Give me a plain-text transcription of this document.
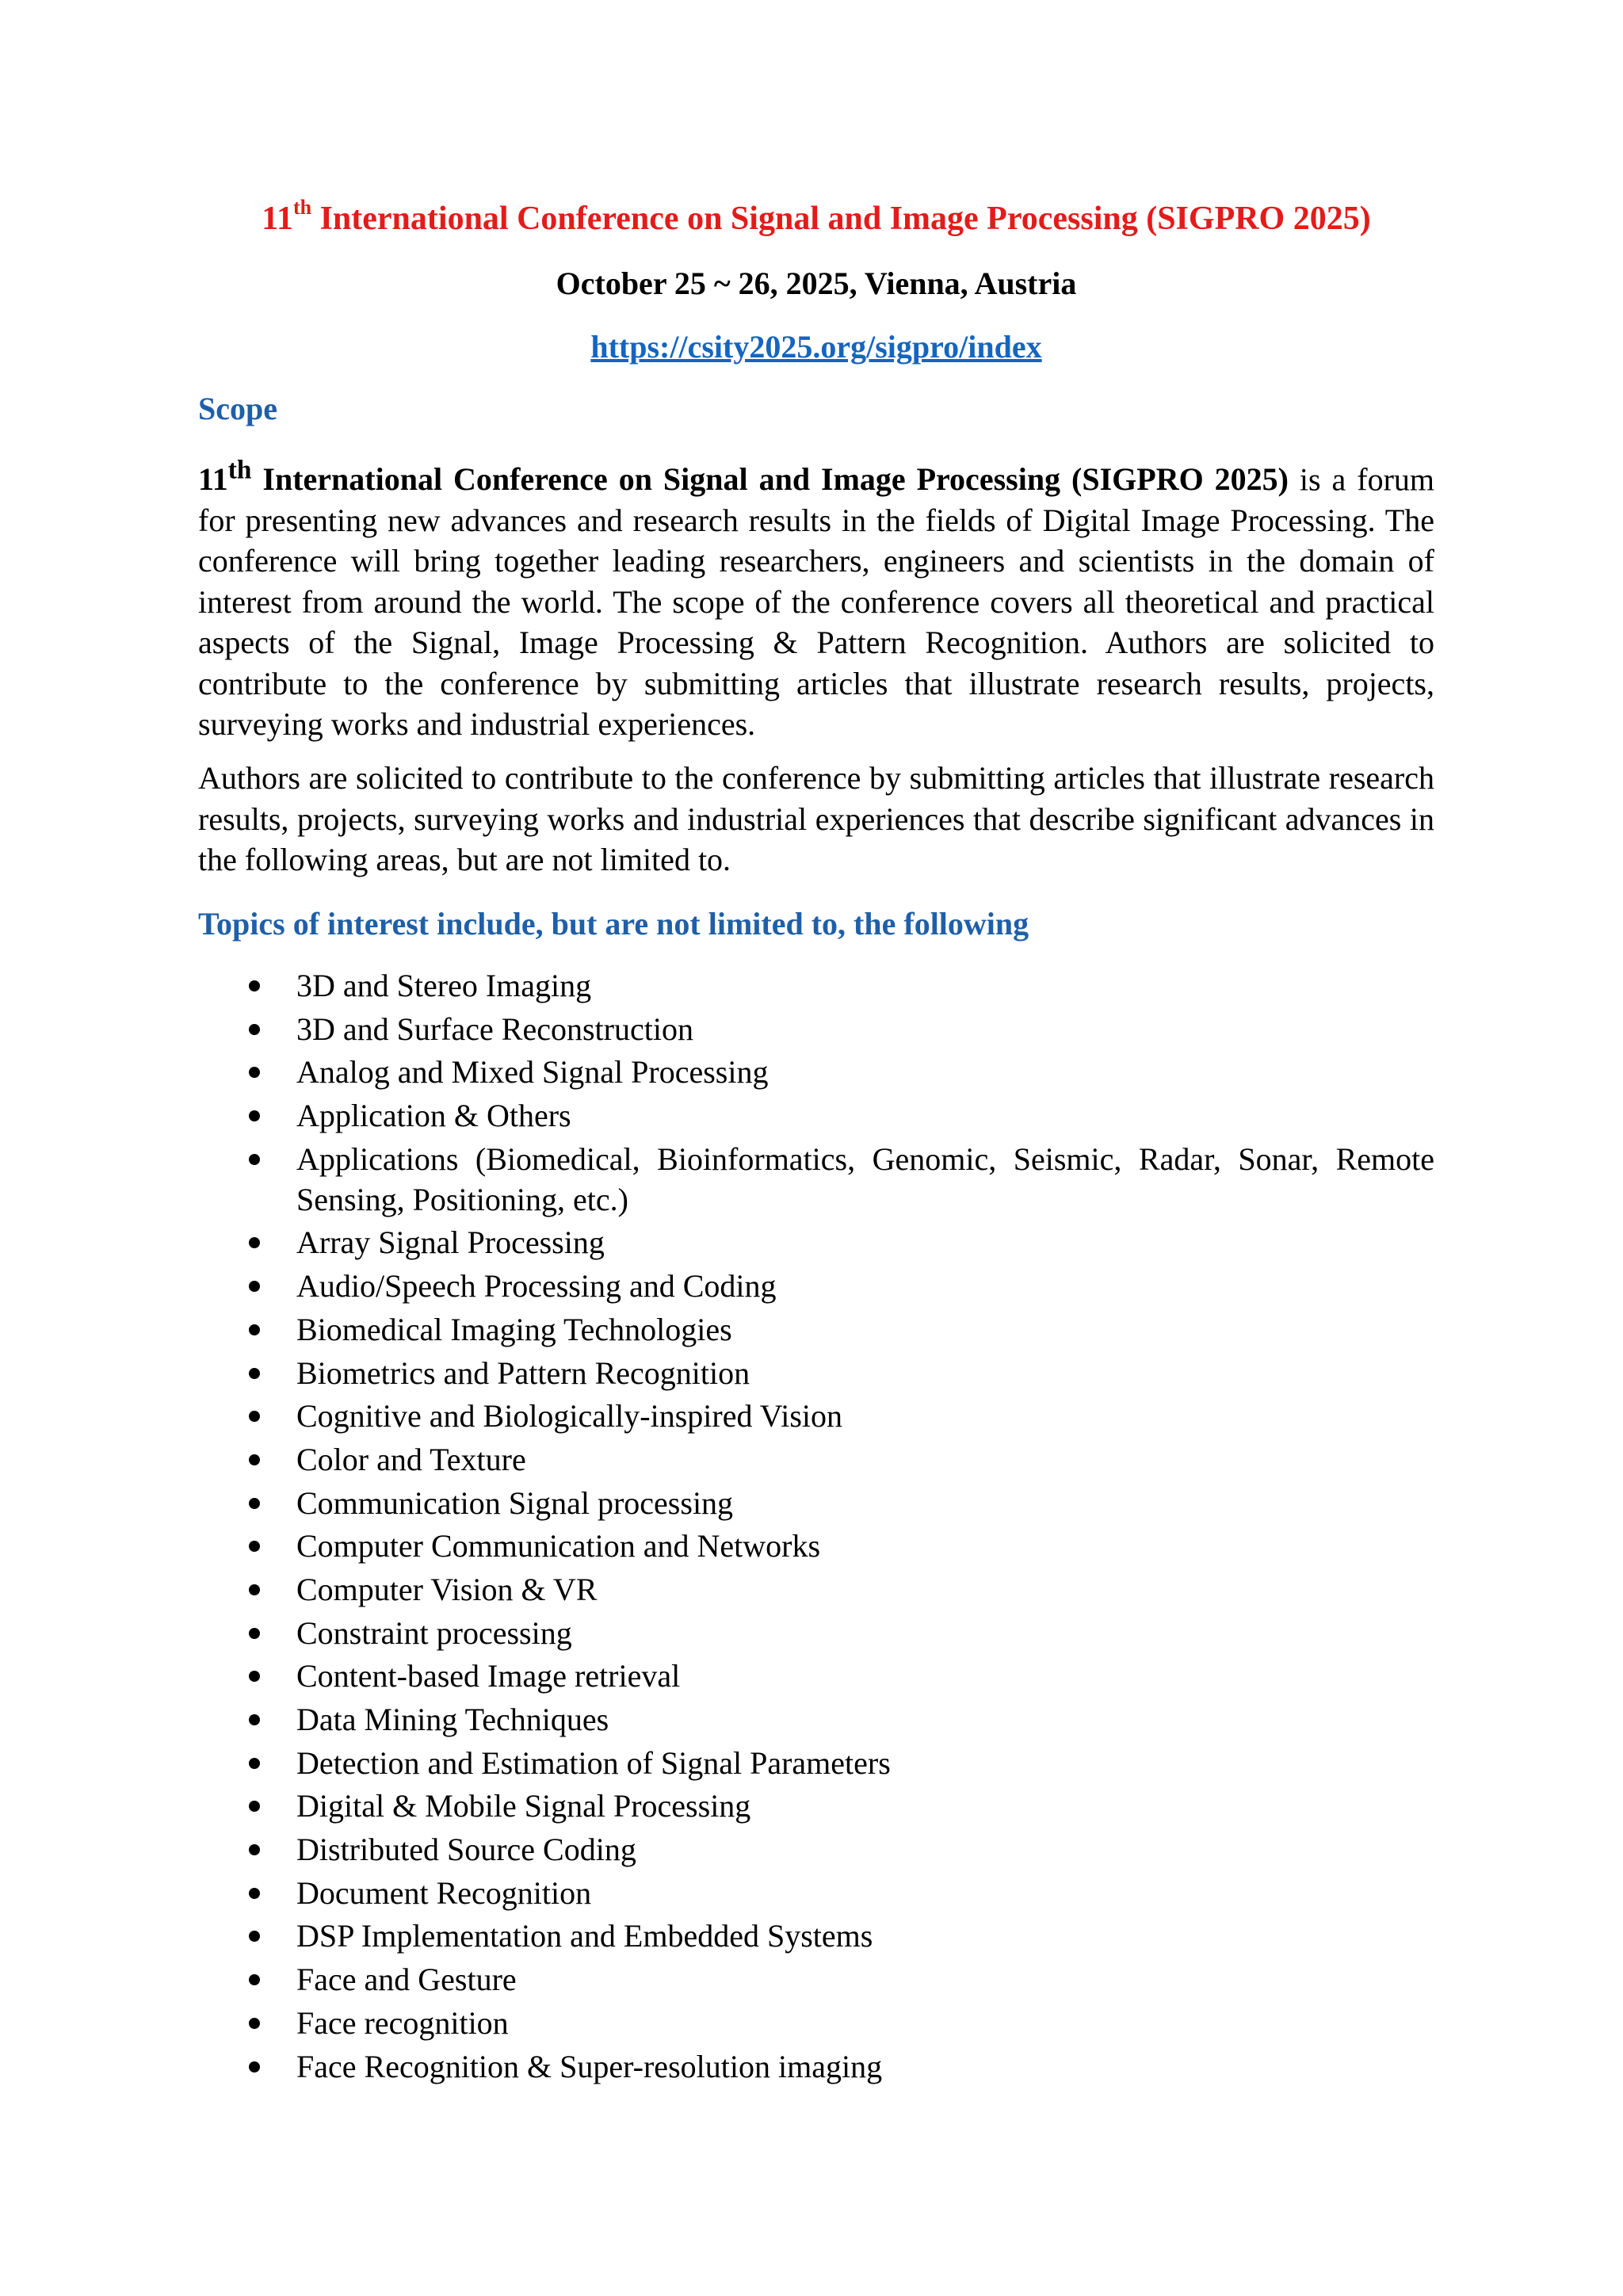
11th International Conference on Signal and Image Processing (SIGPRO 2025)
October 25 ~ 26, 2025, Vienna, Austria
https://csity2025.org/sigpro/index
Scope

11th International Conference on Signal and Image Processing (SIGPRO 2025) is a forum for presenting new advances and research results in the fields of Digital Image Processing. The conference will bring together leading researchers, engineers and scientists in the domain of interest from around the world. The scope of the conference covers all theoretical and practical aspects of the Signal, Image Processing & Pattern Recognition. Authors are solicited to contribute to the conference by submitting articles that illustrate research results, projects, surveying works and industrial experiences.

Authors are solicited to contribute to the conference by submitting articles that illustrate research results, projects, surveying works and industrial experiences that describe significant advances in the following areas, but are not limited to.

Topics of interest include, but are not limited to, the following
3D and Stereo Imaging
3D and Surface Reconstruction
Analog and Mixed Signal Processing
Application & Others
Applications (Biomedical, Bioinformatics, Genomic, Seismic, Radar, Sonar, Remote Sensing, Positioning, etc.)
Array Signal Processing
Audio/Speech Processing and Coding
Biomedical Imaging Technologies
Biometrics and Pattern Recognition
Cognitive and Biologically-inspired Vision
Color and Texture
Communication Signal processing
Computer Communication and Networks
Computer Vision & VR
Constraint processing
Content-based Image retrieval
Data Mining Techniques
Detection and Estimation of Signal Parameters
Digital & Mobile Signal Processing
Distributed Source Coding
Document Recognition
DSP Implementation and Embedded Systems
Face and Gesture
Face recognition
Face Recognition & Super-resolution imaging
